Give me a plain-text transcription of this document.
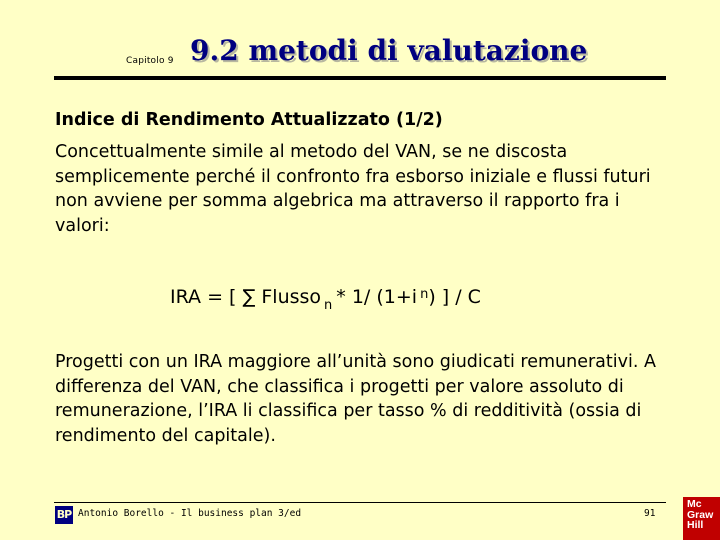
Capitolo 9 9.2 metodi di valutazione
Indice di Rendimento Attualizzato (1/2)
Concettualmente simile al metodo del VAN, se ne discosta semplicemente perché il confronto fra esborso iniziale e flussi futuri non avviene per somma algebrica ma attraverso il rapporto fra i valori:
IRA = [ ∑ Flusso $_n$ * 1/ (1+i $^n$) ] / C
Progetti con un IRA maggiore all’unità sono giudicati remunerativi. A differenza del VAN, che classifica i progetti per valore assoluto di remunerazione, l’IRA li classifica per tasso % di redditività (ossia di rendimento del capitale).
BP Antonio Borello - Il business plan 3/ed	91
Mc
Graw
Hill
